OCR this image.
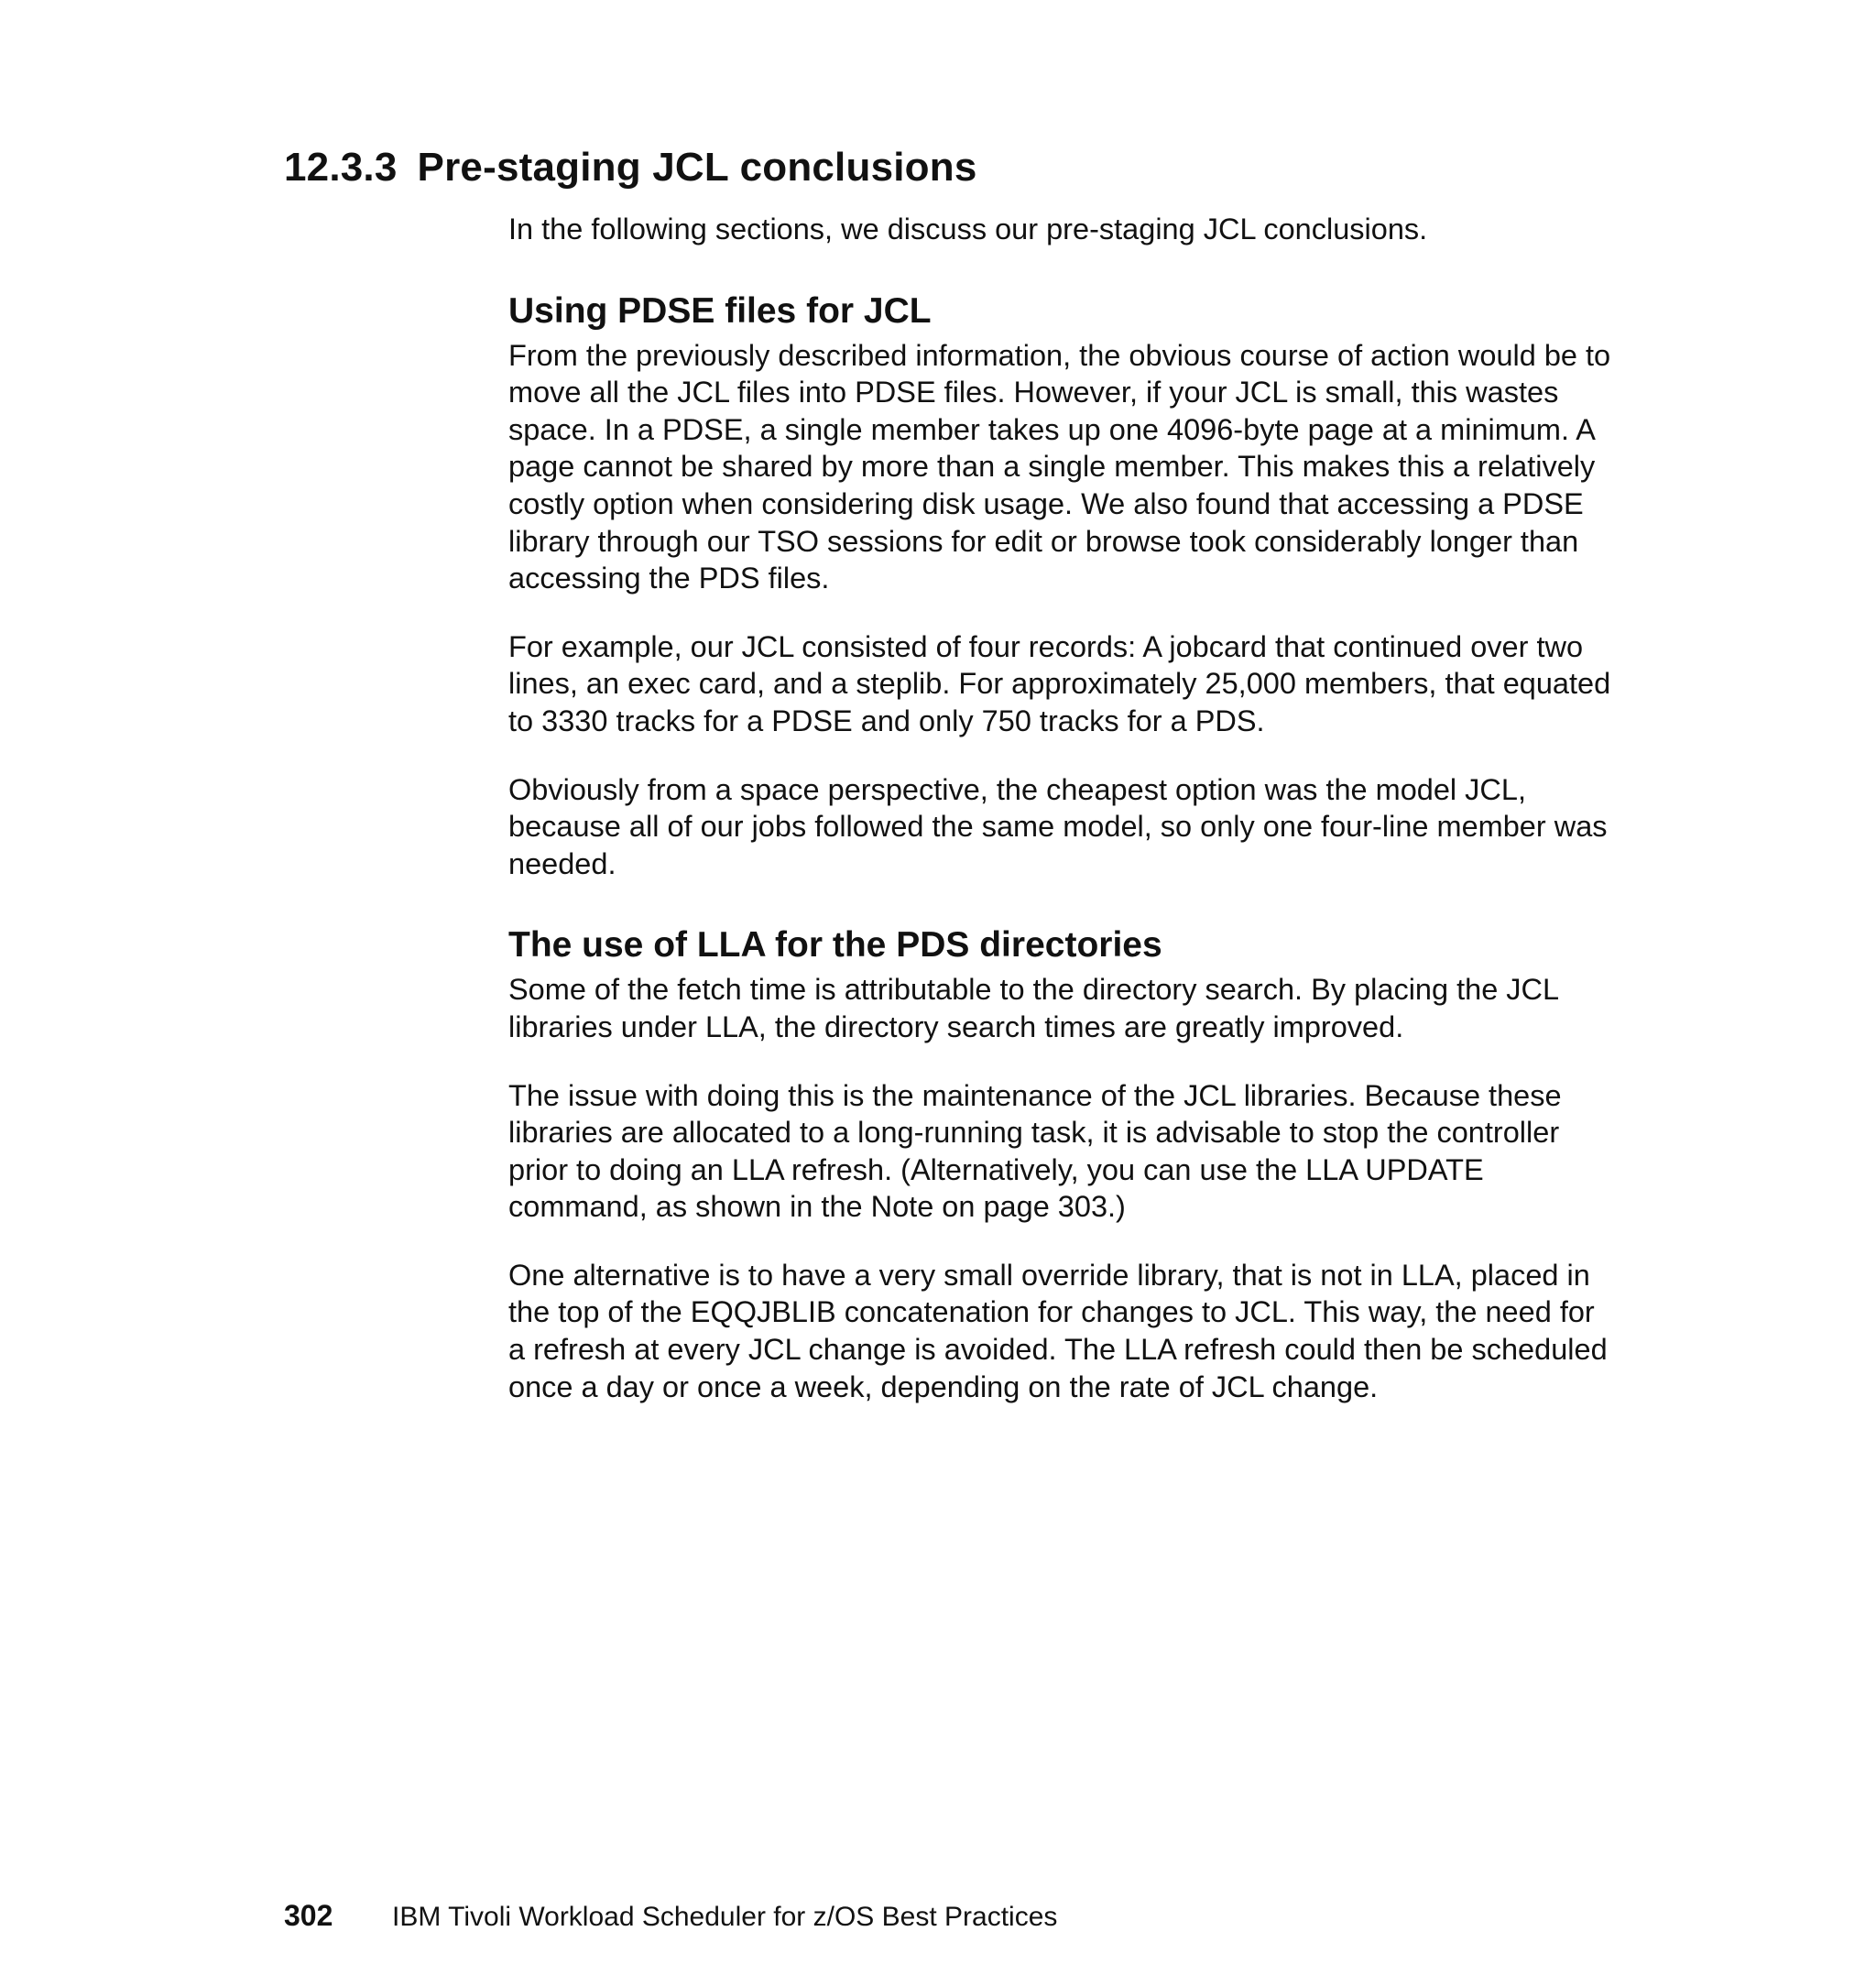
12.3.3 Pre-staging JCL conclusions

In the following sections, we discuss our pre-staging JCL conclusions.

Using PDSE files for JCL

From the previously described information, the obvious course of action would be to move all the JCL files into PDSE files. However, if your JCL is small, this wastes space. In a PDSE, a single member takes up one 4096-byte page at a minimum. A page cannot be shared by more than a single member. This makes this a relatively costly option when considering disk usage. We also found that accessing a PDSE library through our TSO sessions for edit or browse took considerably longer than accessing the PDS files.

For example, our JCL consisted of four records: A jobcard that continued over two lines, an exec card, and a steplib. For approximately 25,000 members, that equated to 3330 tracks for a PDSE and only 750 tracks for a PDS.

Obviously from a space perspective, the cheapest option was the model JCL, because all of our jobs followed the same model, so only one four-line member was needed.

The use of LLA for the PDS directories

Some of the fetch time is attributable to the directory search. By placing the JCL libraries under LLA, the directory search times are greatly improved.

The issue with doing this is the maintenance of the JCL libraries. Because these libraries are allocated to a long-running task, it is advisable to stop the controller prior to doing an LLA refresh. (Alternatively, you can use the LLA UPDATE command, as shown in the Note on page 303.)

One alternative is to have a very small override library, that is not in LLA, placed in the top of the EQQJBLIB concatenation for changes to JCL. This way, the need for a refresh at every JCL change is avoided. The LLA refresh could then be scheduled once a day or once a week, depending on the rate of JCL change.

302 IBM Tivoli Workload Scheduler for z/OS Best Practices
